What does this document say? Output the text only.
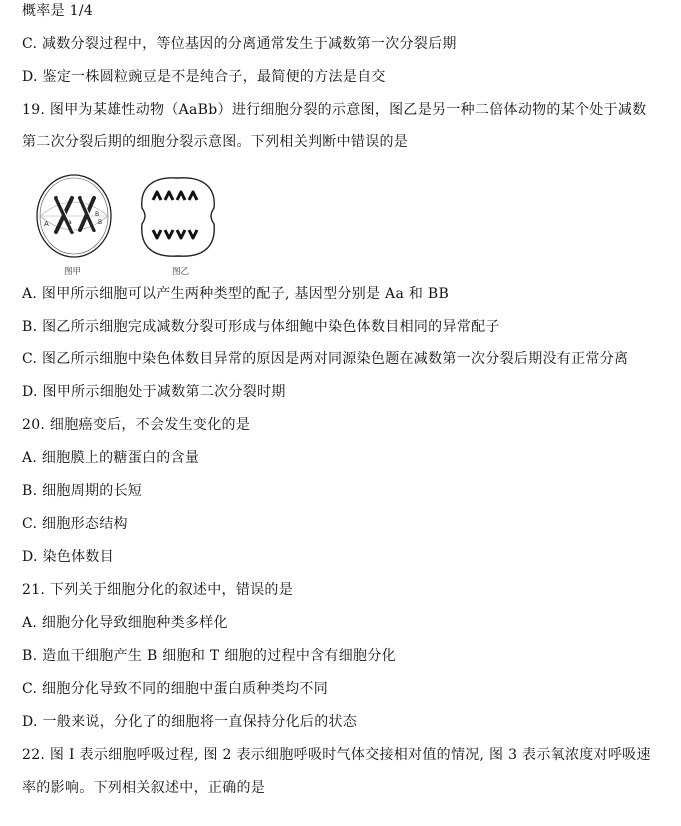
概率是 1/4
C. 减数分裂过程中，等位基因的分离通常发生于减数第一次分裂后期
D. 鉴定一株圆粒豌豆是不是纯合子，最简便的方法是自交
19. 图甲为某雄性动物（AaBb）进行细胞分裂的示意图，图乙是另一种二倍体动物的某个处于减数
第二次分裂后期的细胞分裂示意图。下列相关判断中错误的是
A	a
B
B
图甲	图乙
A. 图甲所示细胞可以产生两种类型的配子, 基因型分别是 Aa 和 BB
B. 图乙所示细胞完成减数分裂可形成与体细鲍中染色体数目相同的异常配子
C. 图乙所示细胞中染色体数目异常的原因是两对同源染色题在减数第一次分裂后期没有正常分离
D. 图甲所示细胞处于减数第二次分裂时期
20. 细胞癌变后，不会发生变化的是
A. 细胞膜上的糖蛋白的含量
B. 细胞周期的长短
C. 细胞形态结构
D. 染色体数目
21. 下列关于细胞分化的叙述中，错误的是
A. 细胞分化导致细胞种类多样化
B. 造血干细胞产生 B 细胞和 T 细胞的过程中含有细胞分化
C. 细胞分化导致不同的细胞中蛋白质种类均不同
D. 一般来说，分化了的细胞将一直保持分化后的状态
22. 图 I 表示细胞呼吸过程, 图 2 表示细胞呼吸时气体交接相对值的情况, 图 3 表示氧浓度对呼吸速
率的影响。下列相关叙述中，正确的是
